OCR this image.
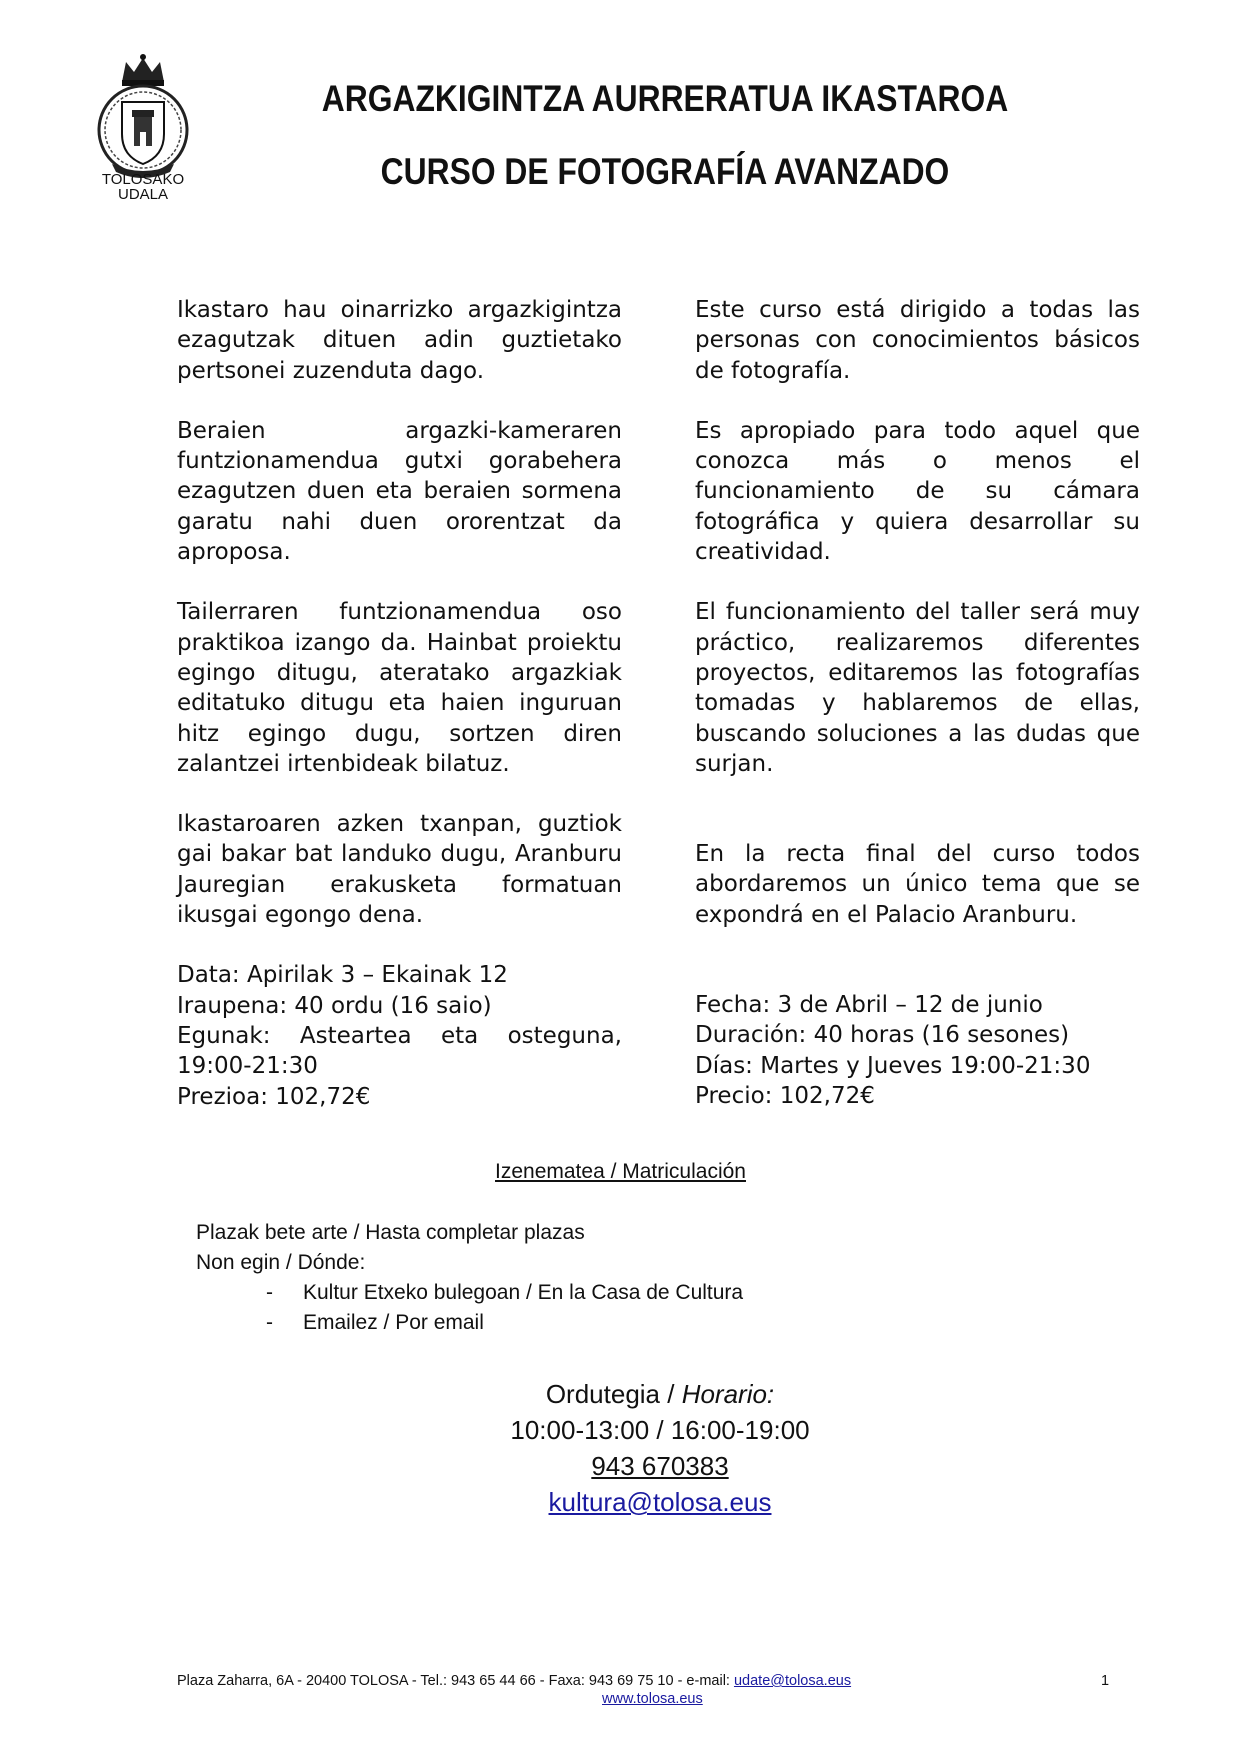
TOLOSAKO
UDALA
ARGAZKIGINTZA AURRERATUA IKASTAROA
CURSO DE FOTOGRAFÍA AVANZADO

Ikastaro hau oinarrizko argazkigintza ezagutzak dituen adin guztietako pertsonei zuzenduta dago.

Beraien argazki-kameraren funtzionamendua gutxi gorabehera ezagutzen duen eta beraien sormena garatu nahi duen ororentzat da aproposa.

Tailerraren funtzionamendua oso praktikoa izango da. Hainbat proiektu egingo ditugu, ateratako argazkiak editatuko ditugu eta haien inguruan hitz egingo dugu, sortzen diren zalantzei irtenbideak bilatuz.

Ikastaroaren azken txanpan, guztiok gai bakar bat landuko dugu, Aranburu Jauregian erakusketa formatuan ikusgai egongo dena.

Data: Apirilak 3 – Ekainak 12
Iraupena: 40 ordu (16 saio)
Egunak: Asteartea eta osteguna, 19:00-21:30
Prezioa: 102,72€

Este curso está dirigido a todas las personas con conocimientos básicos de fotografía.

Es apropiado para todo aquel que conozca más o menos el funcionamiento de su cámara fotográfica y quiera desarrollar su creatividad.

El funcionamiento del taller será muy práctico, realizaremos diferentes proyectos, editaremos las fotografías tomadas y hablaremos de ellas, buscando soluciones a las dudas que surjan.

En la recta final del curso todos abordaremos un único tema que se expondrá en el Palacio Aranburu.

Fecha: 3 de Abril – 12 de junio
Duración: 40 horas (16 sesones)
Días: Martes y Jueves 19:00-21:30
Precio: 102,72€
Izenematea / Matriculación
Plazak bete arte / Hasta completar plazas
Non egin / Dónde:
- Kultur Etxeko bulegoan / En la Casa de Cultura
- Emailez / Por email
Ordutegia / Horario:
10:00-13:00 / 16:00-19:00
943 670383
kultura@tolosa.eus
Plaza Zaharra, 6A - 20400 TOLOSA - Tel.: 943 65 44 66 - Faxa: 943 69 75 10 - e-mail: udate@tolosa.eus	1
www.tolosa.eus
